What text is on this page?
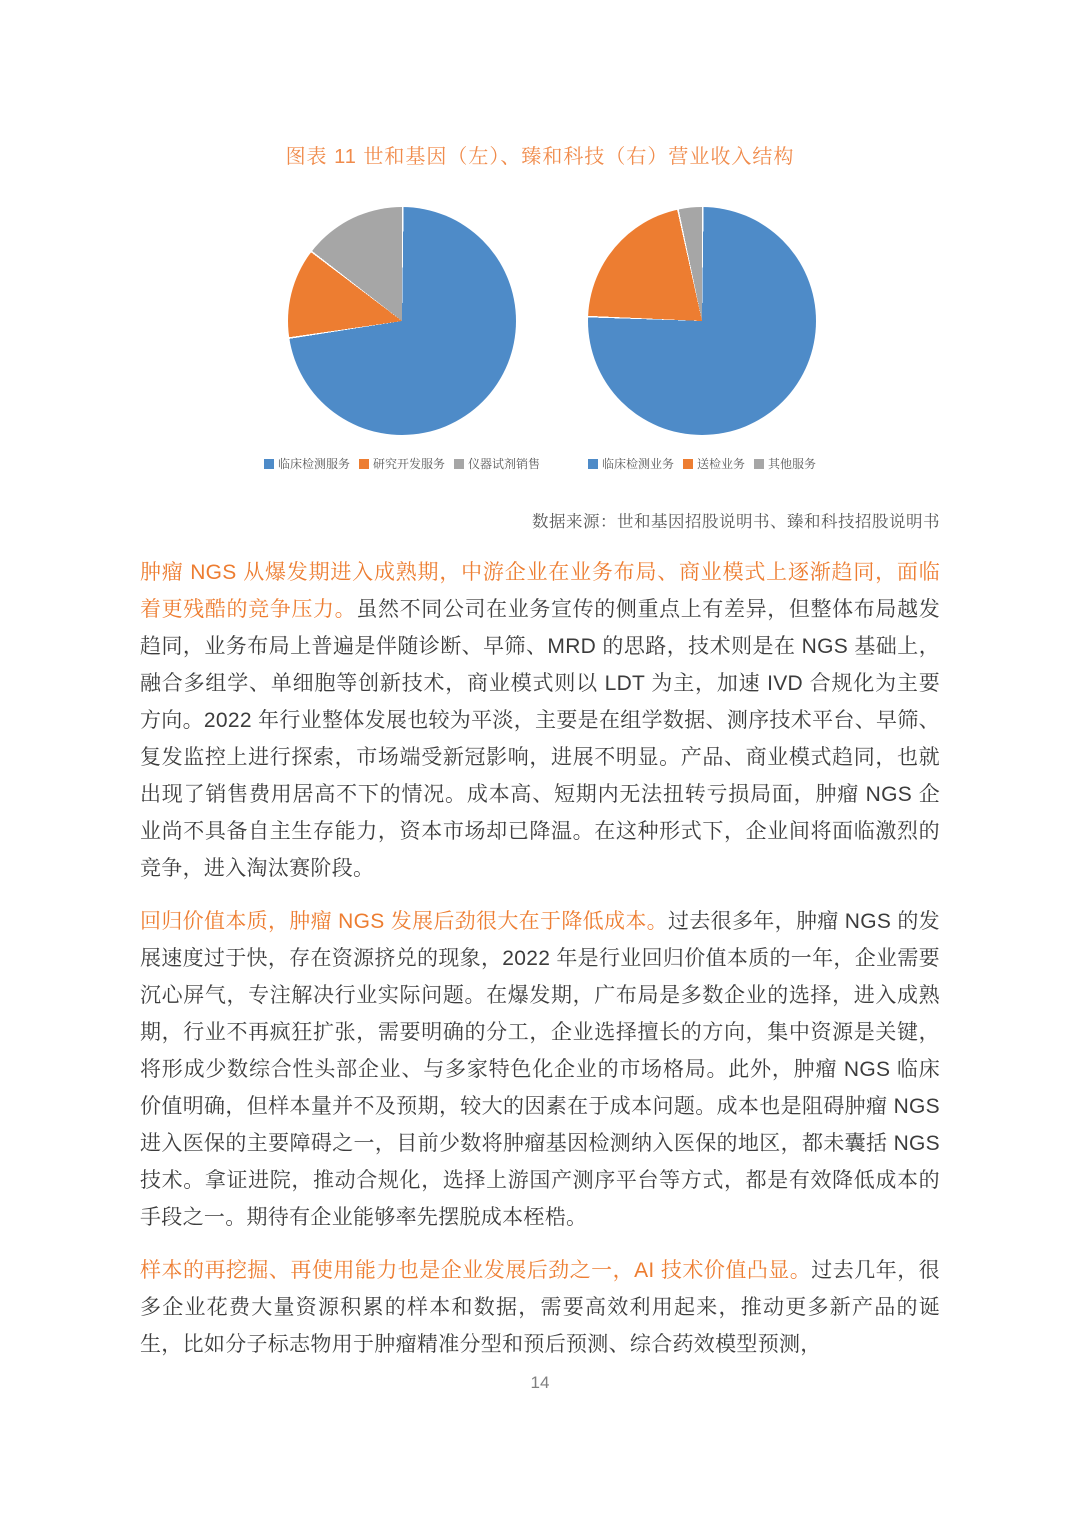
图表 11 世和基因（左）、臻和科技（右）营业收入结构
临床检测服务 研究开发服务 仪器试剂销售	临床检测业务 送检业务 其他服务
数据来源：世和基因招股说明书、臻和科技招股说明书

肿瘤 NGS 从爆发期进入成熟期，中游企业在业务布局、商业模式上逐渐趋同，面临着更残酷的竞争压力。虽然不同公司在业务宣传的侧重点上有差异，但整体布局越发趋同，业务布局上普遍是伴随诊断、早筛、MRD 的思路，技术则是在 NGS 基础上，融合多组学、单细胞等创新技术，商业模式则以 LDT 为主，加速 IVD 合规化为主要方向。2022 年行业整体发展也较为平淡，主要是在组学数据、测序技术平台、早筛、复发监控上进行探索，市场端受新冠影响，进展不明显。产品、商业模式趋同，也就出现了销售费用居高不下的情况。成本高、短期内无法扭转亏损局面，肿瘤 NGS 企业尚不具备自主生存能力，资本市场却已降温。在这种形式下，企业间将面临激烈的竞争，进入淘汰赛阶段。

回归价值本质，肿瘤 NGS 发展后劲很大在于降低成本。过去很多年，肿瘤 NGS 的发展速度过于快，存在资源挤兑的现象，2022 年是行业回归价值本质的一年，企业需要沉心屏气，专注解决行业实际问题。在爆发期，广布局是多数企业的选择，进入成熟期，行业不再疯狂扩张，需要明确的分工，企业选择擅长的方向，集中资源是关键，将形成少数综合性头部企业、与多家特色化企业的市场格局。此外，肿瘤 NGS 临床价值明确，但样本量并不及预期，较大的因素在于成本问题。成本也是阻碍肿瘤 NGS 进入医保的主要障碍之一，目前少数将肿瘤基因检测纳入医保的地区，都未囊括 NGS 技术。拿证进院，推动合规化，选择上游国产测序平台等方式，都是有效降低成本的手段之一。期待有企业能够率先摆脱成本桎梏。

样本的再挖掘、再使用能力也是企业发展后劲之一，AI 技术价值凸显。过去几年，很多企业花费大量资源积累的样本和数据，需要高效利用起来，推动更多新产品的诞生，比如分子标志物用于肿瘤精准分型和预后预测、综合药效模型预测，

14
